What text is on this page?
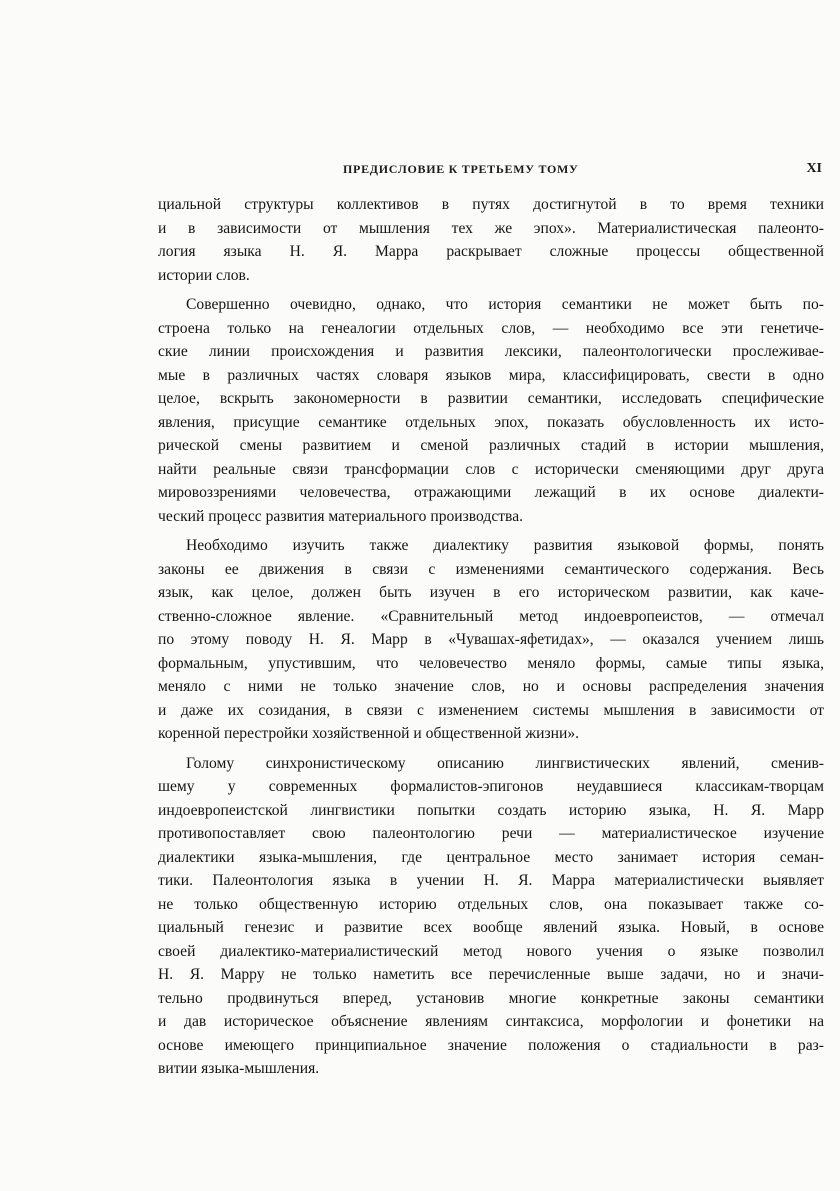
ПРЕДИСЛОВИЕ К ТРЕТЬЕМУ ТОМУ	XI
циальной структуры коллективов в путях достигнутой в то время техники
и в зависимости от мышления тех же эпох». Материалистическая палеонто-
логия языка Н. Я. Марра раскрывает сложные процессы общественной
истории слов.
Совершенно очевидно, однако, что история семантики не может быть по-
строена только на генеалогии отдельных слов, — необходимо все эти генетиче-
ские линии происхождения и развития лексики, палеонтологически прослеживае-
мые в различных частях словаря языков мира, классифицировать, свести в одно
целое, вскрыть закономерности в развитии семантики, исследовать специфические
явления, присущие семантике отдельных эпох, показать обусловленность их исто-
рической смены развитием и сменой различных стадий в истории мышления,
найти реальные связи трансформации слов с исторически сменяющими друг друга
мировоззрениями человечества, отражающими лежащий в их основе диалекти-
ческий процесс развития материального производства.
Необходимо изучить также диалектику развития языковой формы, понять
законы ее движения в связи с изменениями семантического содержания. Весь
язык, как целое, должен быть изучен в его историческом развитии, как каче-
ственно-сложное явление. «Сравнительный метод индоевропеистов, — отмечал
по этому поводу Н. Я. Марр в «Чувашах-яфетидах», — оказался учением лишь
формальным, упустившим, что человечество меняло формы, самые типы языка,
меняло с ними не только значение слов, но и основы распределения значения
и даже их созидания, в связи с изменением системы мышления в зависимости от
коренной перестройки хозяйственной и общественной жизни».
Голому синхронистическому описанию лингвистических явлений, сменив-
шему у современных формалистов-эпигонов неудавшиеся классикам-творцам
индоевропеистской лингвистики попытки создать историю языка, Н. Я. Марр
противопоставляет свою палеонтологию речи — материалистическое изучение
диалектики языка-мышления, где центральное место занимает история семан-
тики. Палеонтология языка в учении Н. Я. Марра материалистически выявляет
не только общественную историю отдельных слов, она показывает также со-
циальный генезис и развитие всех вообще явлений языка. Новый, в основе
своей диалектико-материалистический метод нового учения о языке позволил
Н. Я. Марру не только наметить все перечисленные выше задачи, но и значи-
тельно продвинуться вперед, установив многие конкретные законы семантики
и дав историческое объяснение явлениям синтаксиса, морфологии и фонетики на
основе имеющего принципиальное значение положения о стадиальности в раз-
витии языка-мышления.
